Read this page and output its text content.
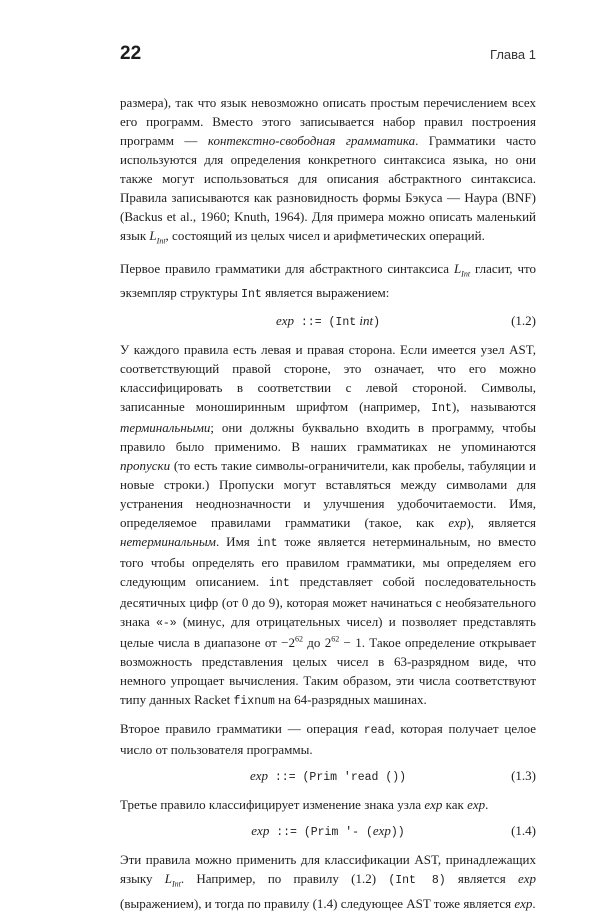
22	Глава 1

размера), так что язык невозможно описать простым перечислением всех его программ. Вместо этого записывается набор правил построения программ — контекстно-свободная грамматика. Грамматики часто используются для определения конкретного синтаксиса языка, но они также могут использоваться для описания абстрактного синтаксиса. Правила записываются как разновидность формы Бэкуса — Наура (BNF) (Backus et al., 1960; Knuth, 1964). Для примера можно описать маленький язык $L_{Int}$, состоящий из целых чисел и арифметических операций.

Первое правило грамматики для абстрактного синтаксиса $L_{Int}$ гласит, что экземпляр структуры Int является выражением:

exp ::= (Int int)	(1.2)

У каждого правила есть левая и правая сторона. Если имеется узел AST, соответствующий правой стороне, это означает, что его можно классифицировать в соответствии с левой стороной. Символы, записанные моноширинным шрифтом (например, Int), называются терминальными; они должны буквально входить в программу, чтобы правило было применимо. В наших грамматиках не упоминаются пропуски (то есть такие символы-ограничители, как пробелы, табуляции и новые строки.) Пропуски могут вставляться между символами для устранения неоднозначности и улучшения удобочитаемости. Имя, определяемое правилами грамматики (такое, как exp), является нетерминальным. Имя int тоже является нетерминальным, но вместо того чтобы определять его правилом грамматики, мы определяем его следующим описанием. int представляет собой последовательность десятичных цифр (от 0 до 9), которая может начинаться с необязательного знака «-» (минус, для отрицательных чисел) и позволяет представлять целые числа в диапазоне от $-2^{62}$ до $2^{62} - 1$. Такое определение открывает возможность представления целых чисел в 63-разрядном виде, что немного упрощает вычисления. Таким образом, эти числа соответствуют типу данных Racket fixnum на 64-разрядных машинах.

Второе правило грамматики — операция read, которая получает целое число от пользователя программы.

exp ::= (Prim 'read ())	(1.3)

Третье правило классифицирует изменение знака узла exp как exp.

exp ::= (Prim '- (exp))	(1.4)

Эти правила можно применить для классификации AST, принадлежащих языку $L_{Int}$. Например, по правилу (1.2) (Int 8) является exp (выражением), и тогда по правилу (1.4) следующее AST тоже является exp.
